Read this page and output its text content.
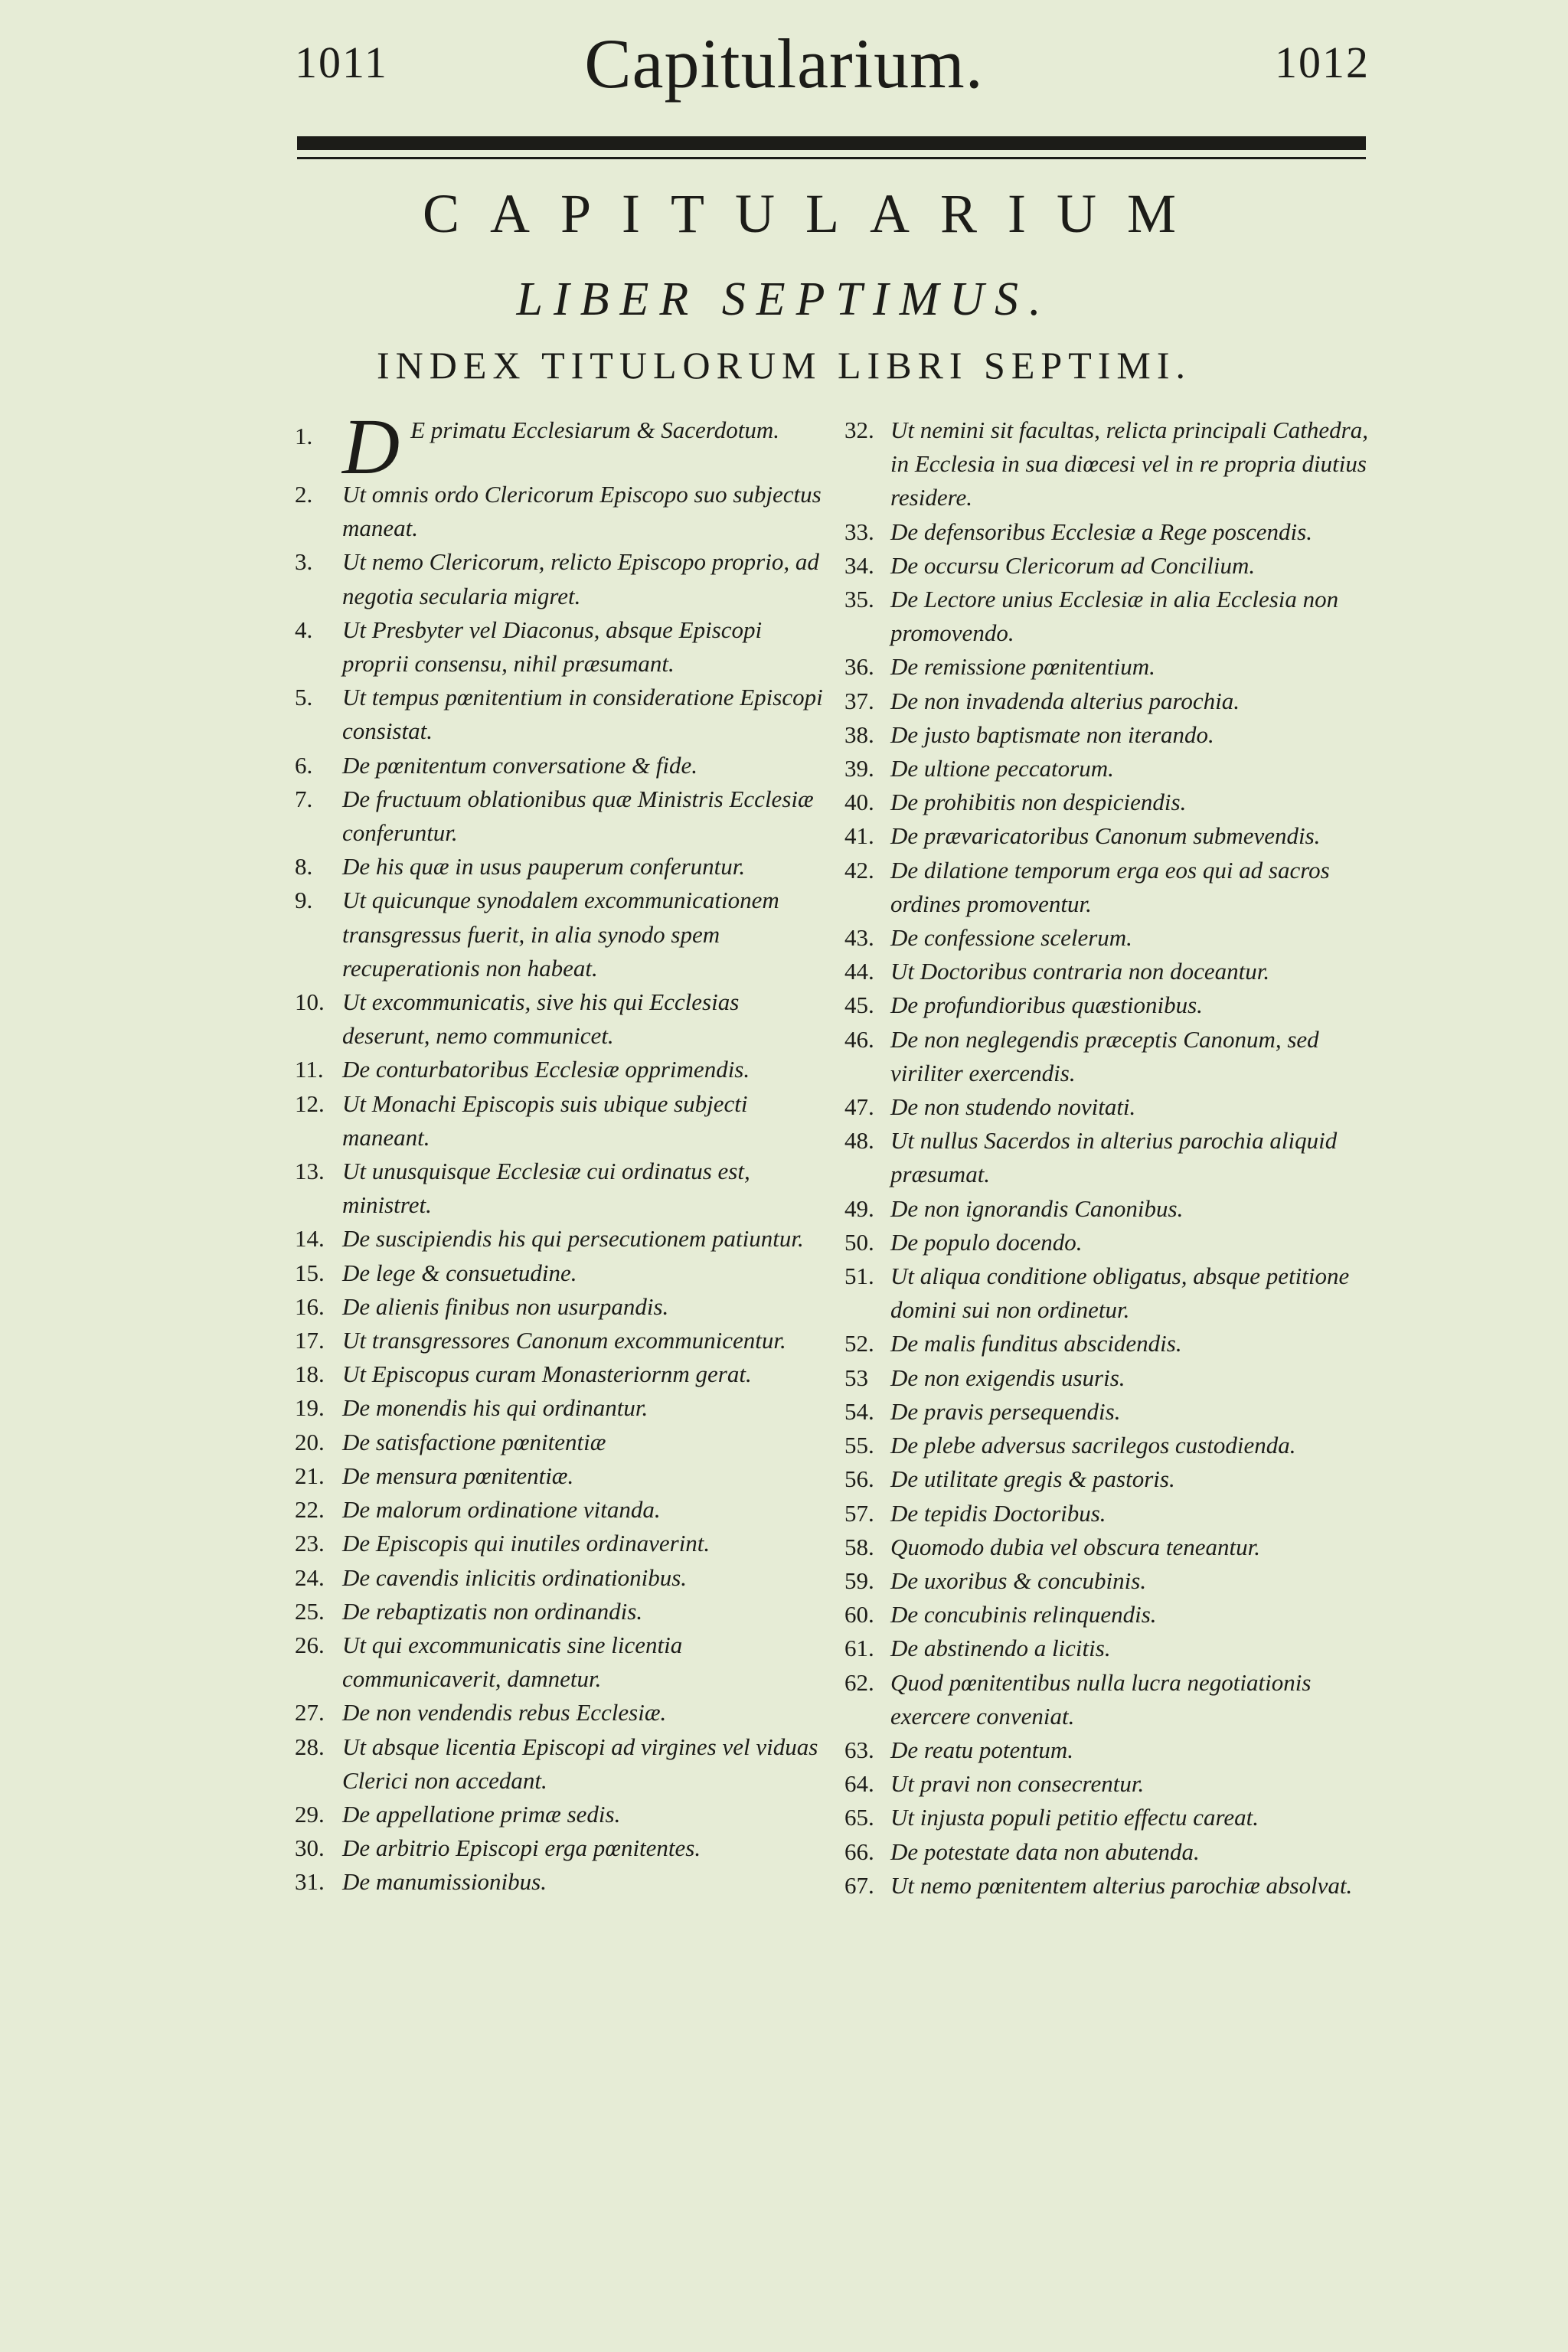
1011	Capitularium.	1012
CAPITULARIUM
LIBER SEPTIMUS.
INDEX TITULORUM LIBRI SEPTIMI.
1. D E primatu Ecclesiarum & Sacerdotum.
2.	Ut omnis ordo Clericorum Episcopo suo subjectus maneat.
3.	Ut nemo Clericorum, relicto Episcopo proprio, ad negotia secularia migret.
4.	Ut Presbyter vel Diaconus, absque Episcopi proprii consensu, nihil præsumant.
5.	Ut tempus pœnitentium in consideratione Episcopi consistat.
6.	De pœnitentum conversatione & fide.
7.	De fructuum oblationibus quæ Ministris Ecclesiæ conferuntur.
8.	De his quæ in usus pauperum conferuntur.
9.	Ut quicunque synodalem excommunicationem transgressus fuerit, in alia synodo spem recuperationis non habeat.
10. Ut excommunicatis, sive his qui Ecclesias deserunt, nemo communicet.
11. De conturbatoribus Ecclesiæ opprimendis.
12. Ut Monachi Episcopis suis ubique subjecti maneant.
13. Ut unusquisque Ecclesiæ cui ordinatus est, ministret.
14. De suscipiendis his qui persecutionem patiuntur.
15. De lege & consuetudine.
16. De alienis finibus non usurpandis.
17. Ut transgressores Canonum excommunicentur.
18. Ut Episcopus curam Monasteriornm gerat.
19. De monendis his qui ordinantur.
20. De satisfactione pœnitentiæ
21. De mensura pœnitentiæ.
22. De malorum ordinatione vitanda.
23. De Episcopis qui inutiles ordinaverint.
24. De cavendis inlicitis ordinationibus.
25. De rebaptizatis non ordinandis.
26. Ut qui excommunicatis sine licentia communicaverit, damnetur.
27. De non vendendis rebus Ecclesiæ.
28. Ut absque licentia Episcopi ad virgines vel viduas Clerici non accedant.
29. De appellatione primæ sedis.
30. De arbitrio Episcopi erga pœnitentes.
31. De manumissionibus.
32. Ut nemini sit facultas, relicta principali Cathedra, in Ecclesia in sua diœcesi vel in re propria diutius residere.
33. De defensoribus Ecclesiæ a Rege poscendis.
34. De occursu Clericorum ad Concilium.
35. De Lectore unius Ecclesiæ in alia Ecclesia non promovendo.
36. De remissione pœnitentium.
37. De non invadenda alterius parochia.
38. De justo baptismate non iterando.
39. De ultione peccatorum.
40. De prohibitis non despiciendis.
41. De prævaricatoribus Canonum submevendis.
42. De dilatione temporum erga eos qui ad sacros ordines promoventur.
43. De confessione scelerum.
44. Ut Doctoribus contraria non doceantur.
45. De profundioribus quæstionibus.
46. De non neglegendis præceptis Canonum, sed viriliter exercendis.
47. De non studendo novitati.
48. Ut nullus Sacerdos in alterius parochia aliquid præsumat.
49. De non ignorandis Canonibus.
50. De populo docendo.
51. Ut aliqua conditione obligatus, absque petitione domini sui non ordinetur.
52. De malis funditus abscidendis.
53 De non exigendis usuris.
54. De pravis persequendis.
55. De plebe adversus sacrilegos custodienda.
56. De utilitate gregis & pastoris.
57. De tepidis Doctoribus.
58. Quomodo dubia vel obscura teneantur.
59. De uxoribus & concubinis.
60. De concubinis relinquendis.
61. De abstinendo a licitis.
62. Quod pœnitentibus nulla lucra negotiationis exercere conveniat.
63. De reatu potentum.
64. Ut pravi non consecrentur.
65. Ut injusta populi petitio effectu careat.
66. De potestate data non abutenda.
67. Ut nemo pœnitentem alterius parochiæ absolvat.
